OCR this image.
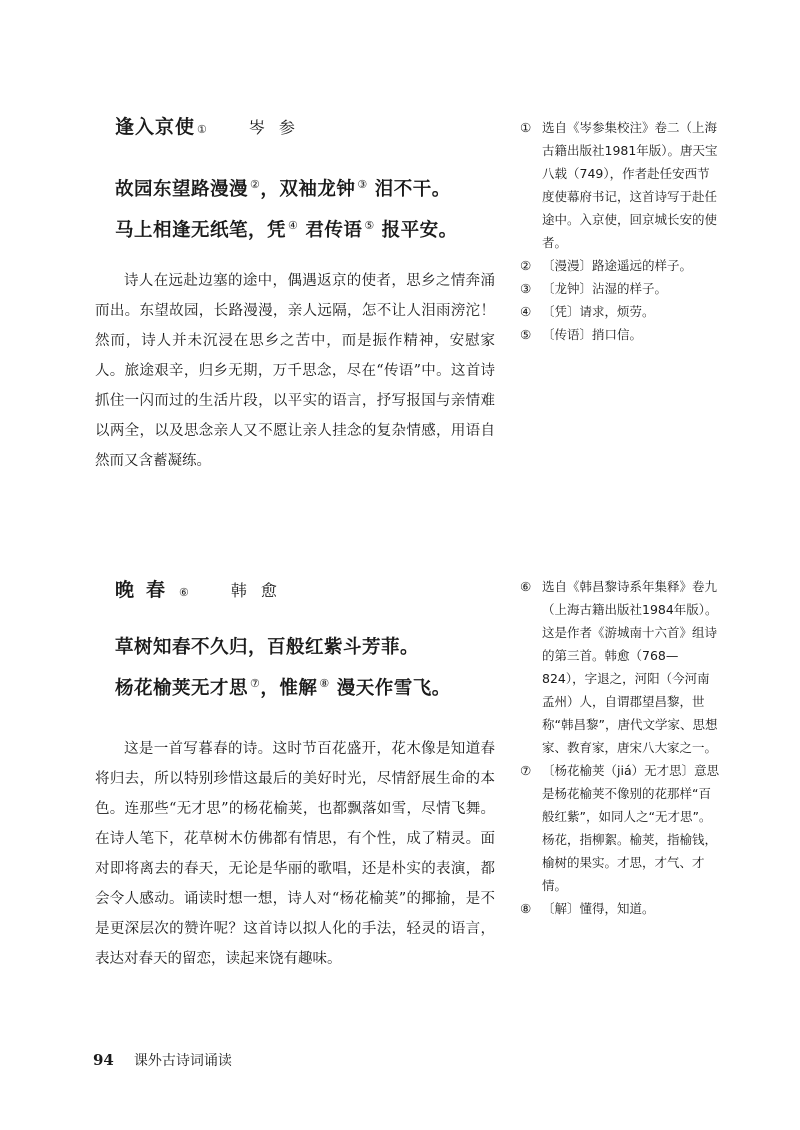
逢入京使 ①	岑参
故园东望路漫漫 ②，双袖龙钟 ③ 泪不干。
马上相逢无纸笔，凭 ④ 君传语 ⑤ 报平安。

诗人在远赴边塞的途中，偶遇返京的使者，思乡之情奔涌而出。东望故园，长路漫漫，亲人远隔，怎不让人泪雨滂沱！然而，诗人并未沉浸在思乡之苦中，而是振作精神，安慰家人。旅途艰辛，归乡无期，万千思念，尽在“传语”中。这首诗抓住一闪而过的生活片段，以平实的语言，抒写报国与亲情难以两全，以及思念亲人又不愿让亲人挂念的复杂情感，用语自然而又含蓄凝练。

① 选自《岑参集校注》卷二（上海古籍出版社1981年版）。唐天宝八载（749），作者赴任安西节度使幕府书记，这首诗写于赴任途中。入京使，回京城长安的使者。
② 〔漫漫〕路途遥远的样子。
③ 〔龙钟〕沾湿的样子。
④ 〔凭〕请求，烦劳。
⑤ 〔传语〕捎口信。
晚春 ⑥	韩愈
草树知春不久归，百般红紫斗芳菲。
杨花榆荚无才思 ⑦，惟解 ⑧ 漫天作雪飞。

这是一首写暮春的诗。这时节百花盛开，花木像是知道春将归去，所以特别珍惜这最后的美好时光，尽情舒展生命的本色。连那些“无才思”的杨花榆荚，也都飘落如雪，尽情飞舞。在诗人笔下，花草树木仿佛都有情思，有个性，成了精灵。面对即将离去的春天，无论是华丽的歌唱，还是朴实的表演，都会令人感动。诵读时想一想，诗人对“杨花榆荚”的揶揄，是不是更深层次的赞许呢？这首诗以拟人化的手法，轻灵的语言，表达对春天的留恋，读起来饶有趣味。

⑥ 选自《韩昌黎诗系年集释》卷九（上海古籍出版社1984年版）。这是作者《游城南十六首》组诗的第三首。韩愈（768—824），字退之，河阳（今河南孟州）人，自谓郡望昌黎，世称“韩昌黎”，唐代文学家、思想家、教育家，唐宋八大家之一。
⑦ 〔杨花榆荚（jiá）无才思〕意思是杨花榆荚不像别的花那样“百般红紫”，如同人之“无才思”。杨花，指柳絮。榆荚，指榆钱，榆树的果实。才思，才气、才情。
⑧ 〔解〕懂得，知道。
94 课外古诗词诵读
